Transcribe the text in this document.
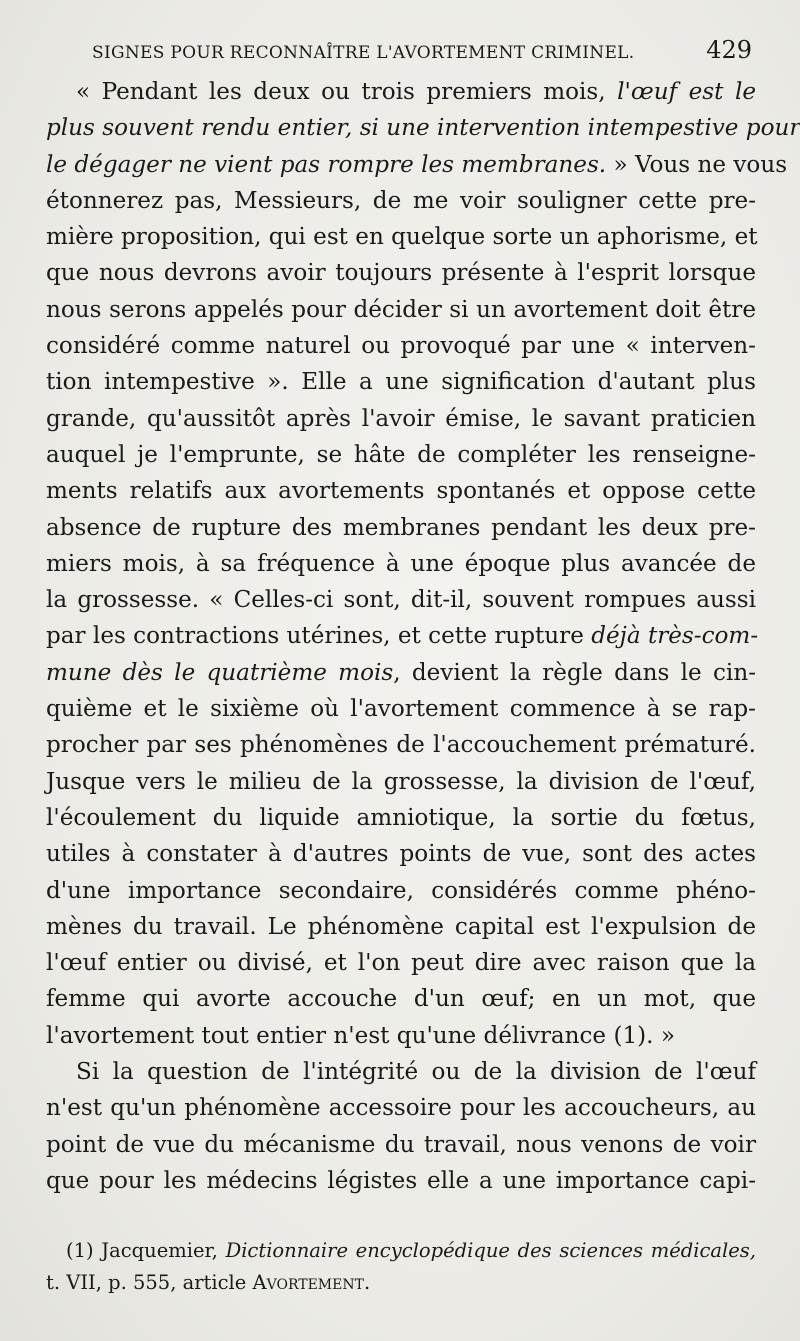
SIGNES POUR RECONNAÎTRE L'AVORTEMENT CRIMINEL.	429
« Pendant les deux ou trois premiers mois, l'œuf est le
plus souvent rendu entier, si une intervention intempestive pour
le dégager ne vient pas rompre les membranes. » Vous ne vous
étonnerez pas, Messieurs, de me voir souligner cette pre-
mière proposition, qui est en quelque sorte un aphorisme, et
que nous devrons avoir toujours présente à l'esprit lorsque
nous serons appelés pour décider si un avortement doit être
considéré comme naturel ou provoqué par une « interven-
tion intempestive ». Elle a une signification d'autant plus
grande, qu'aussitôt après l'avoir émise, le savant praticien
auquel je l'emprunte, se hâte de compléter les renseigne-
ments relatifs aux avortements spontanés et oppose cette
absence de rupture des membranes pendant les deux pre-
miers mois, à sa fréquence à une époque plus avancée de
la grossesse. « Celles-ci sont, dit-il, souvent rompues aussi
par les contractions utérines, et cette rupture déjà très-com-
mune dès le quatrième mois, devient la règle dans le cin-
quième et le sixième où l'avortement commence à se rap-
procher par ses phénomènes de l'accouchement prématuré.
Jusque vers le milieu de la grossesse, la division de l'œuf,
l'écoulement du liquide amniotique, la sortie du fœtus,
utiles à constater à d'autres points de vue, sont des actes
d'une importance secondaire, considérés comme phéno-
mènes du travail. Le phénomène capital est l'expulsion de
l'œuf entier ou divisé, et l'on peut dire avec raison que la
femme qui avorte accouche d'un œuf; en un mot, que
l'avortement tout entier n'est qu'une délivrance (1). »
Si la question de l'intégrité ou de la division de l'œuf
n'est qu'un phénomène accessoire pour les accoucheurs, au
point de vue du mécanisme du travail, nous venons de voir
que pour les médecins légistes elle a une importance capi-
(1) Jacquemier, Dictionnaire encyclopédique des sciences médicales,
t. VII, p. 555, article Avortement.
